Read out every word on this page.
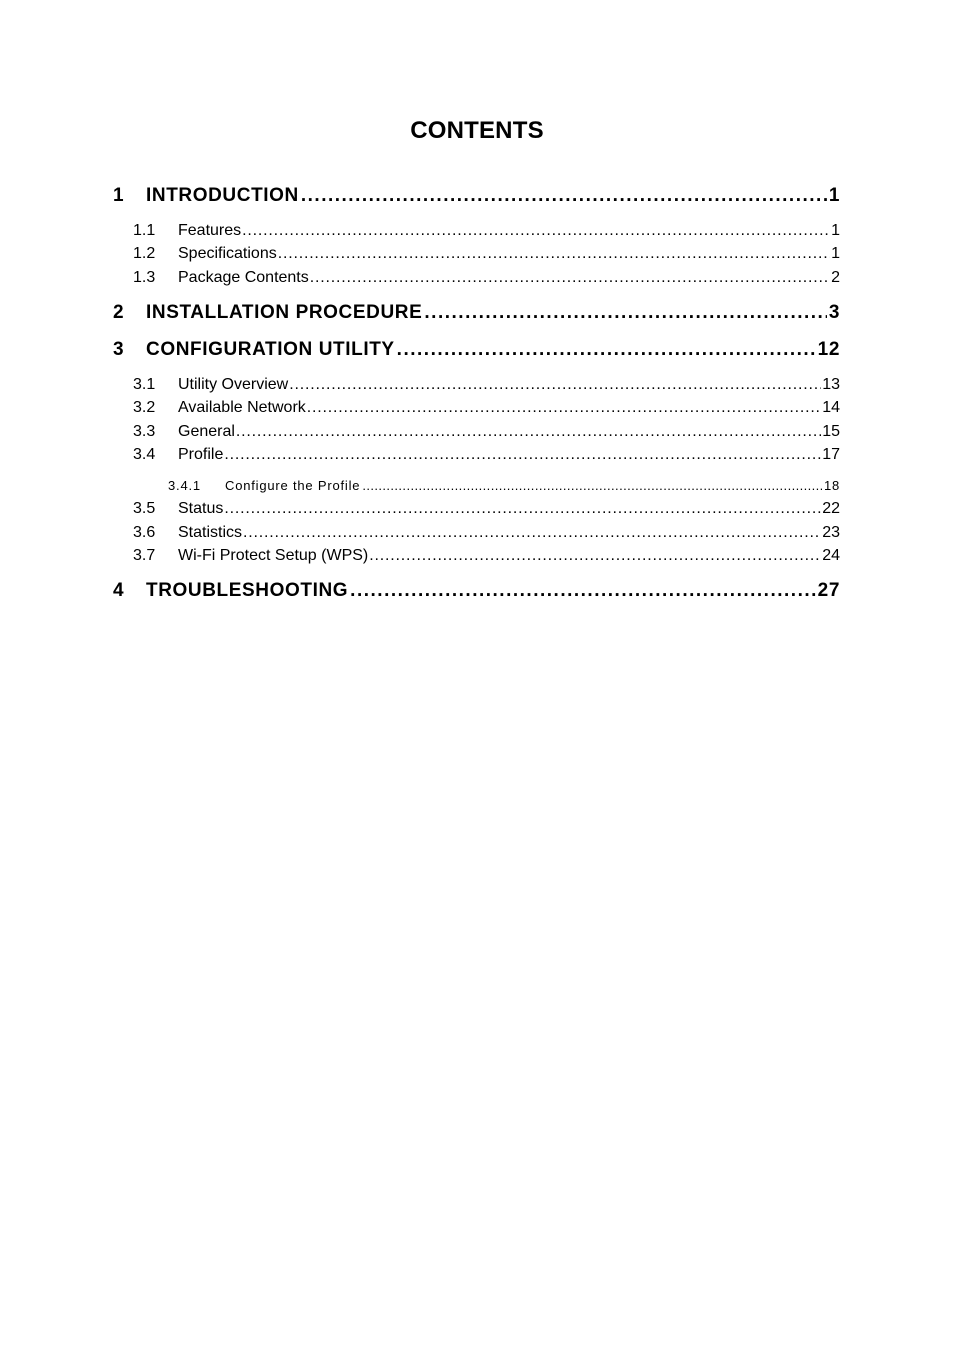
CONTENTS
1	INTRODUCTION .....	1
1.1	Features .....	1
1.2	Specifications .....	1
1.3	Package Contents .....	2
2	INSTALLATION PROCEDURE .....	3
3	CONFIGURATION UTILITY .....	12
3.1	Utility Overview .....	13
3.2	Available Network .....	14
3.3	General .....	15
3.4	Profile .....	17
3.4.1	Configure the Profile .....	18
3.5	Status .....	22
3.6	Statistics .....	23
3.7	Wi-Fi Protect Setup (WPS) .....	24
4	TROUBLESHOOTING .....	27
